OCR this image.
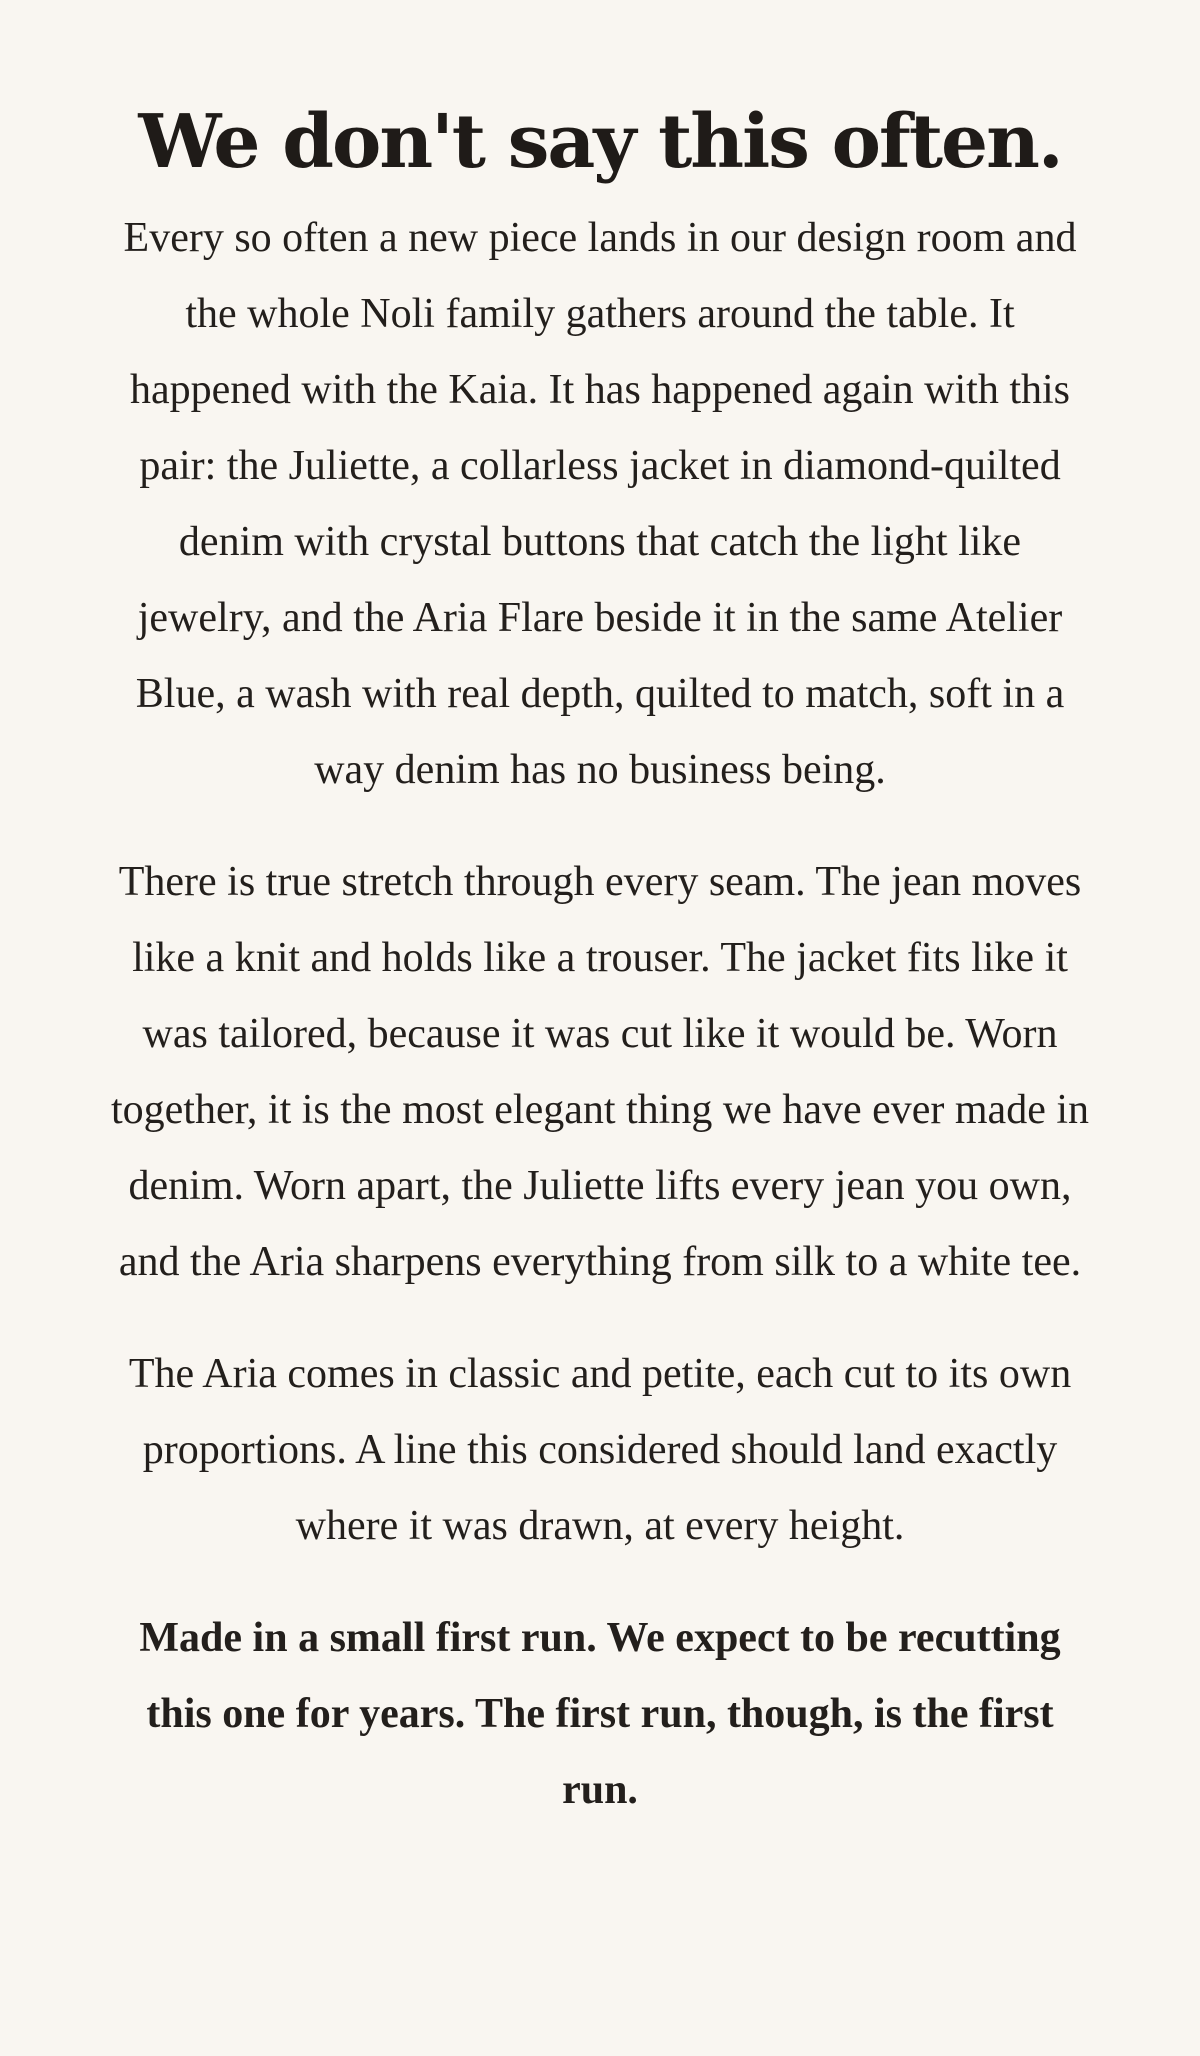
We don't say this often.

Every so often a new piece lands in our design room and the whole Noli family gathers around the table. It happened with the Kaia. It has happened again with this pair: the Juliette, a collarless jacket in diamond-quilted denim with crystal buttons that catch the light like jewelry, and the Aria Flare beside it in the same Atelier Blue, a wash with real depth, quilted to match, soft in a way denim has no business being.

There is true stretch through every seam. The jean moves like a knit and holds like a trouser. The jacket fits like it was tailored, because it was cut like it would be. Worn together, it is the most elegant thing we have ever made in denim. Worn apart, the Juliette lifts every jean you own, and the Aria sharpens everything from silk to a white tee.

The Aria comes in classic and petite, each cut to its own proportions. A line this considered should land exactly where it was drawn, at every height.

Made in a small first run. We expect to be recutting this one for years. The first run, though, is the first run.
